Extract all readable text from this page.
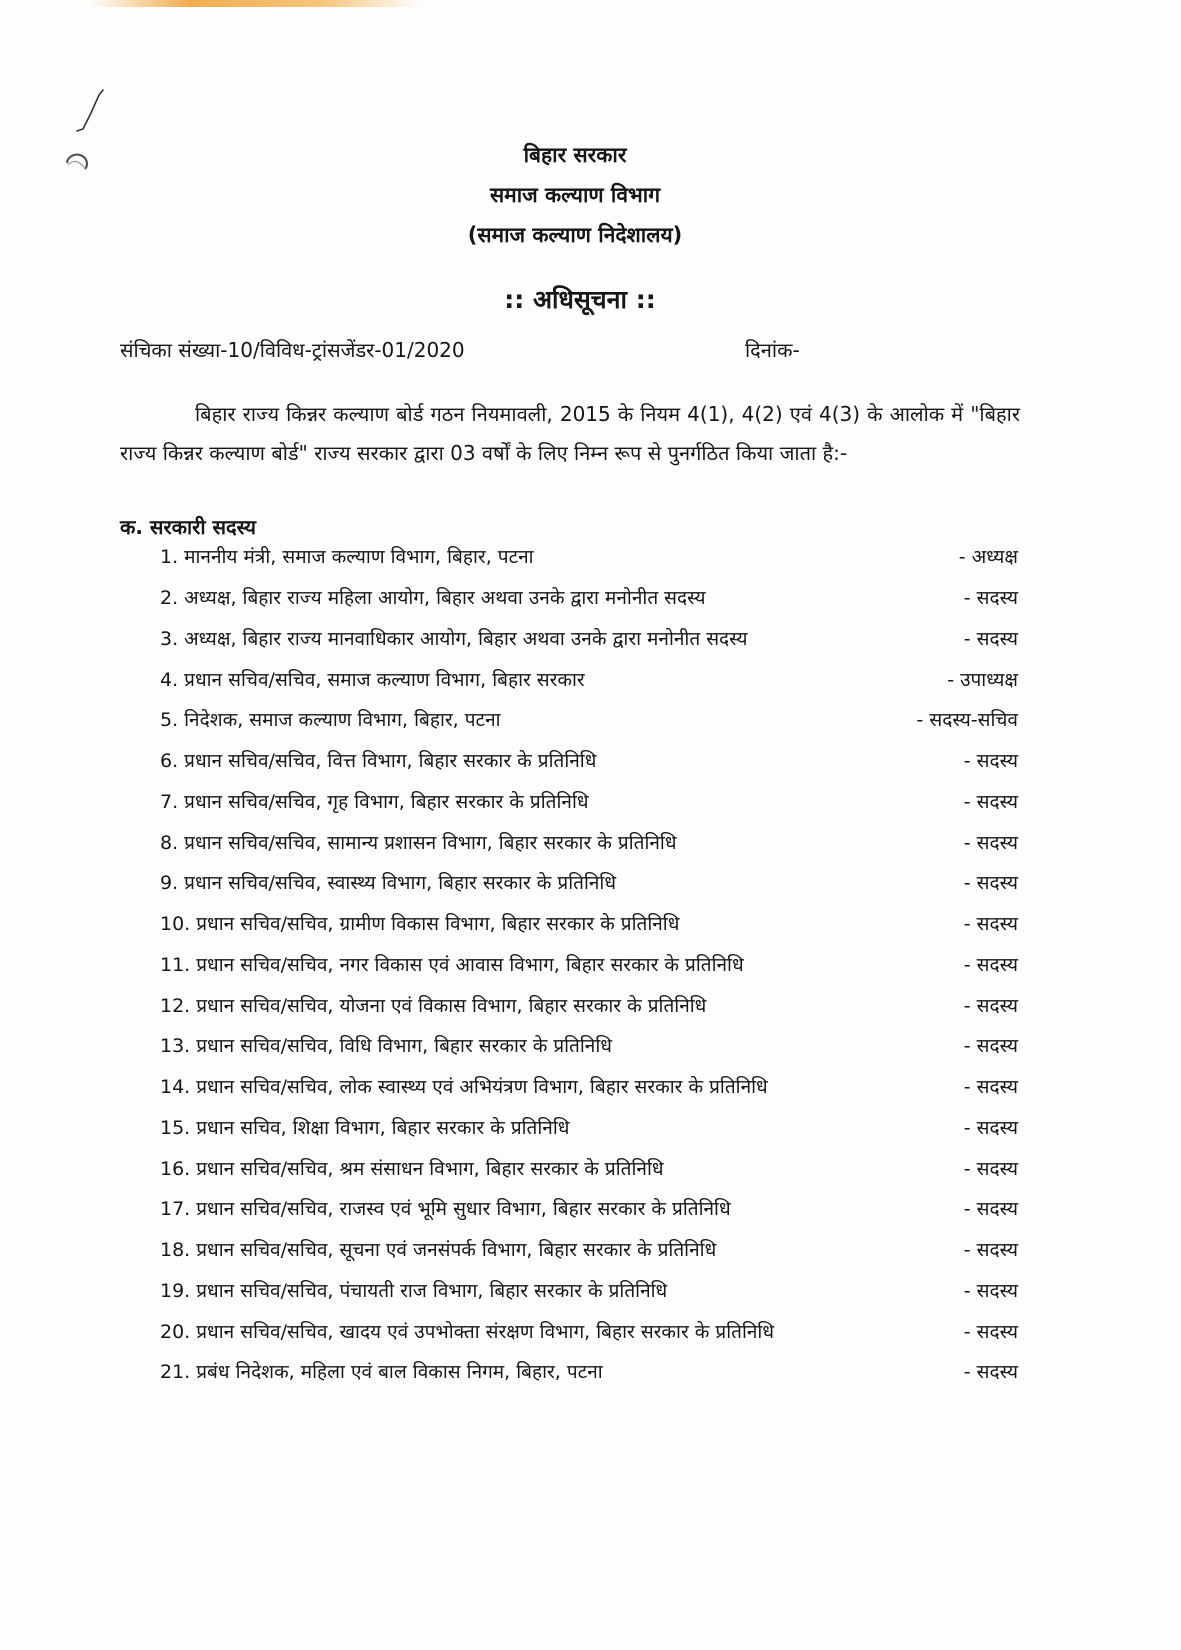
बिहार सरकार
समाज कल्याण विभाग
(समाज कल्याण निदेशालय)
:: अधिसूचना ::
संचिका संख्या-10/विविध-ट्रांसजेंडर-01/2020	दिनांक-
बिहार राज्य किन्नर कल्याण बोर्ड गठन नियमावली, 2015 के नियम 4(1), 4(2) एवं 4(3) के आलोक में "बिहार राज्य किन्नर कल्याण बोर्ड" राज्य सरकार द्वारा 03 वर्षों के लिए निम्न रूप से पुनर्गठित किया जाता है:-
क. सरकारी सदस्य
1. माननीय मंत्री, समाज कल्याण विभाग, बिहार, पटना	- अध्यक्ष
2. अध्यक्ष, बिहार राज्य महिला आयोग, बिहार अथवा उनके द्वारा मनोनीत सदस्य	- सदस्य
3. अध्यक्ष, बिहार राज्य मानवाधिकार आयोग, बिहार अथवा उनके द्वारा मनोनीत सदस्य	- सदस्य
4. प्रधान सचिव/सचिव, समाज कल्याण विभाग, बिहार सरकार	- उपाध्यक्ष
5. निदेशक, समाज कल्याण विभाग, बिहार, पटना	- सदस्य-सचिव
6. प्रधान सचिव/सचिव, वित्त विभाग, बिहार सरकार के प्रतिनिधि	- सदस्य
7. प्रधान सचिव/सचिव, गृह विभाग, बिहार सरकार के प्रतिनिधि	- सदस्य
8. प्रधान सचिव/सचिव, सामान्य प्रशासन विभाग, बिहार सरकार के प्रतिनिधि	- सदस्य
9. प्रधान सचिव/सचिव, स्वास्थ्य विभाग, बिहार सरकार के प्रतिनिधि	- सदस्य
10. प्रधान सचिव/सचिव, ग्रामीण विकास विभाग, बिहार सरकार के प्रतिनिधि	- सदस्य
11. प्रधान सचिव/सचिव, नगर विकास एवं आवास विभाग, बिहार सरकार के प्रतिनिधि	- सदस्य
12. प्रधान सचिव/सचिव, योजना एवं विकास विभाग, बिहार सरकार के प्रतिनिधि	- सदस्य
13. प्रधान सचिव/सचिव, विधि विभाग, बिहार सरकार के प्रतिनिधि	- सदस्य
14. प्रधान सचिव/सचिव, लोक स्वास्थ्य एवं अभियंत्रण विभाग, बिहार सरकार के प्रतिनिधि	- सदस्य
15. प्रधान सचिव, शिक्षा विभाग, बिहार सरकार के प्रतिनिधि	- सदस्य
16. प्रधान सचिव/सचिव, श्रम संसाधन विभाग, बिहार सरकार के प्रतिनिधि	- सदस्य
17. प्रधान सचिव/सचिव, राजस्व एवं भूमि सुधार विभाग, बिहार सरकार के प्रतिनिधि	- सदस्य
18. प्रधान सचिव/सचिव, सूचना एवं जनसंपर्क विभाग, बिहार सरकार के प्रतिनिधि	- सदस्य
19. प्रधान सचिव/सचिव, पंचायती राज विभाग, बिहार सरकार के प्रतिनिधि	- सदस्य
20. प्रधान सचिव/सचिव, खादय एवं उपभोक्ता संरक्षण विभाग, बिहार सरकार के प्रतिनिधि	- सदस्य
21. प्रबंध निदेशक, महिला एवं बाल विकास निगम, बिहार, पटना	- सदस्य
